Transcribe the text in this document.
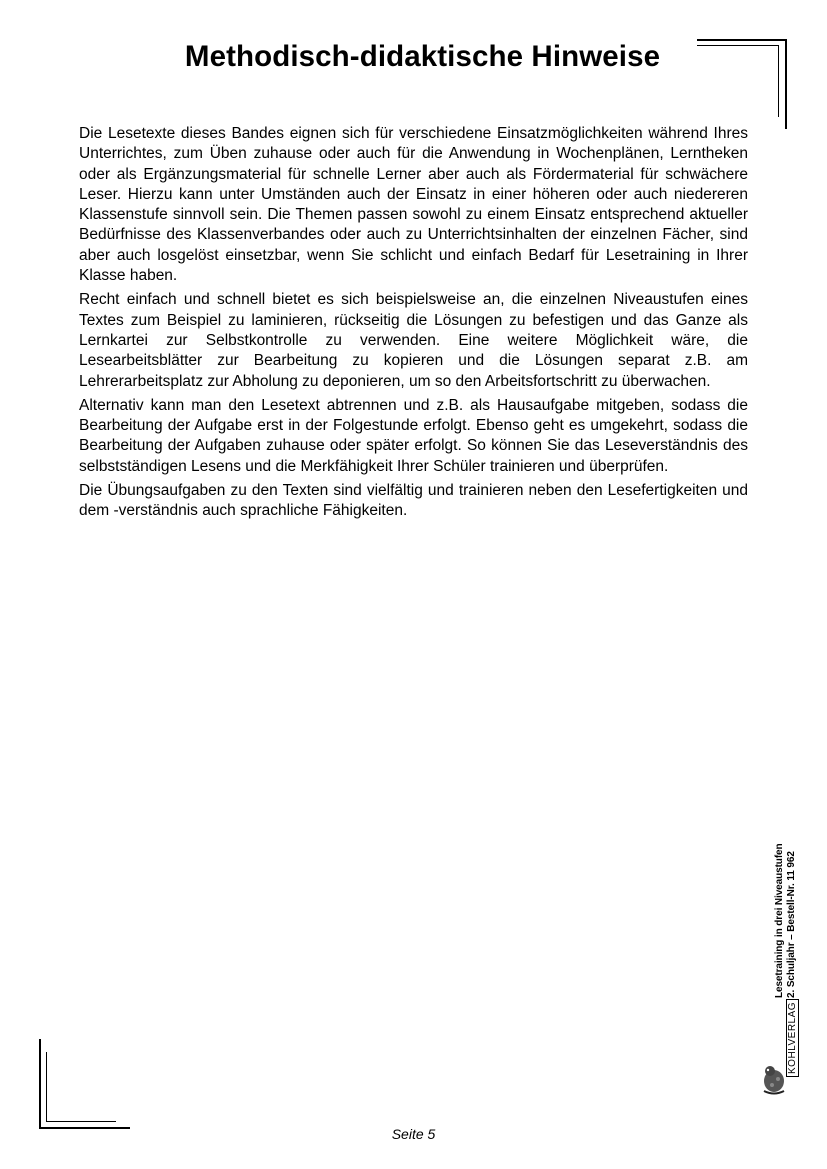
Methodisch-didaktische Hinweise

Die Lesetexte dieses Bandes eignen sich für verschiedene Einsatzmöglichkeiten während Ihres Unterrichtes, zum Üben zuhause oder auch für die Anwendung in Wochenplänen, Lerntheken oder als Ergänzungsmaterial für schnelle Lerner aber auch als Fördermaterial für schwächere Leser. Hierzu kann unter Umständen auch der Einsatz in einer höheren oder auch niedereren Klassenstufe sinnvoll sein. Die Themen passen sowohl zu einem Einsatz entsprechend aktueller Bedürfnisse des Klassenverbandes oder auch zu Unterrichtsinhalten der einzelnen Fächer, sind aber auch losgelöst einsetzbar, wenn Sie schlicht und einfach Bedarf für Lesetraining in Ihrer Klasse haben.

Recht einfach und schnell bietet es sich beispielsweise an, die einzelnen Niveaustufen eines Textes zum Beispiel zu laminieren, rückseitig die Lösungen zu befestigen und das Ganze als Lernkartei zur Selbstkontrolle zu verwenden. Eine weitere Möglichkeit wäre, die Lesearbeitsblätter zur Bearbeitung zu kopieren und die Lösungen separat z.B. am Lehrerarbeitsplatz zur Abholung zu deponieren, um so den Arbeitsfortschritt zu überwachen.

Alternativ kann man den Lesetext abtrennen und z.B. als Hausaufgabe mitgeben, sodass die Bearbeitung der Aufgabe erst in der Folgestunde erfolgt. Ebenso geht es umgekehrt, sodass die Bearbeitung der Aufgaben zuhause oder später erfolgt. So können Sie das Leseverständnis des selbstständigen Lesens und die Merkfähigkeit Ihrer Schüler trainieren und überprüfen.

Die Übungsaufgaben zu den Texten sind vielfältig und trainieren neben den Lesefertigkeiten und dem -verständnis auch sprachliche Fähigkeiten.

Lesetraining in drei Niveaustufen 2. Schuljahr – Bestell-Nr. 11 962
KOHLVERLAG
Seite 5
